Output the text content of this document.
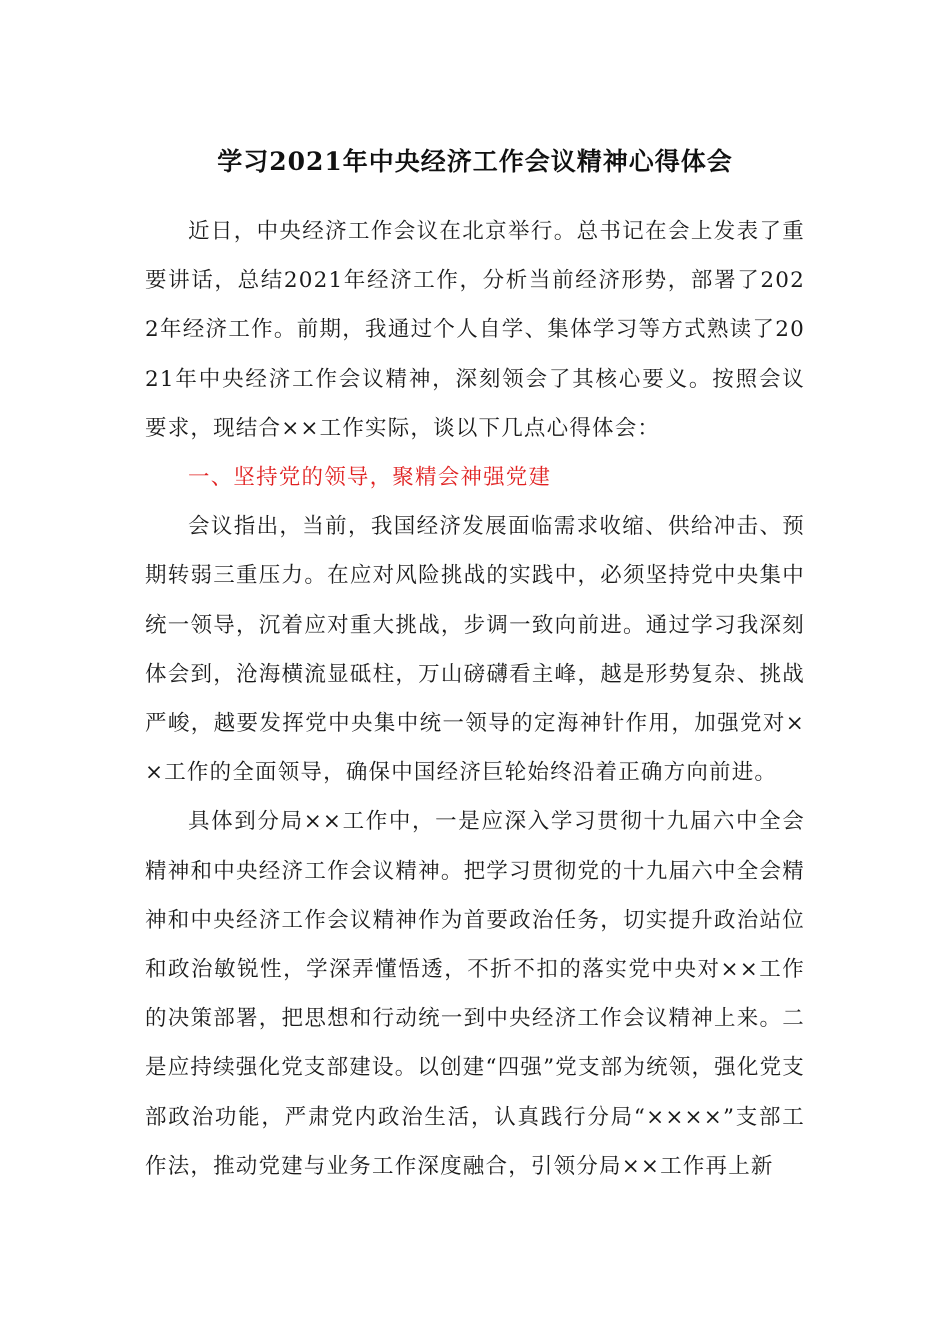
学习2021年中央经济工作会议精神心得体会

近日，中央经济工作会议在北京举行。总书记在会上发表了重要讲话，总结2021年经济工作，分析当前经济形势，部署了2022年经济工作。前期，我通过个人自学、集体学习等方式熟读了2021年中央经济工作会议精神，深刻领会了其核心要义。按照会议要求，现结合××工作实际，谈以下几点心得体会：

一、坚持党的领导，聚精会神强党建

会议指出，当前，我国经济发展面临需求收缩、供给冲击、预期转弱三重压力。在应对风险挑战的实践中，必须坚持党中央集中统一领导，沉着应对重大挑战，步调一致向前进。通过学习我深刻体会到，沧海横流显砥柱，万山磅礴看主峰，越是形势复杂、挑战严峻，越要发挥党中央集中统一领导的定海神针作用，加强党对××工作的全面领导，确保中国经济巨轮始终沿着正确方向前进。

具体到分局××工作中，一是应深入学习贯彻十九届六中全会精神和中央经济工作会议精神。把学习贯彻党的十九届六中全会精神和中央经济工作会议精神作为首要政治任务，切实提升政治站位和政治敏锐性，学深弄懂悟透，不折不扣的落实党中央对××工作的决策部署，把思想和行动统一到中央经济工作会议精神上来。二是应持续强化党支部建设。以创建“四强”党支部为统领，强化党支部政治功能，严肃党内政治生活，认真践行分局“××××”支部工作法，推动党建与业务工作深度融合，引领分局××工作再上新
